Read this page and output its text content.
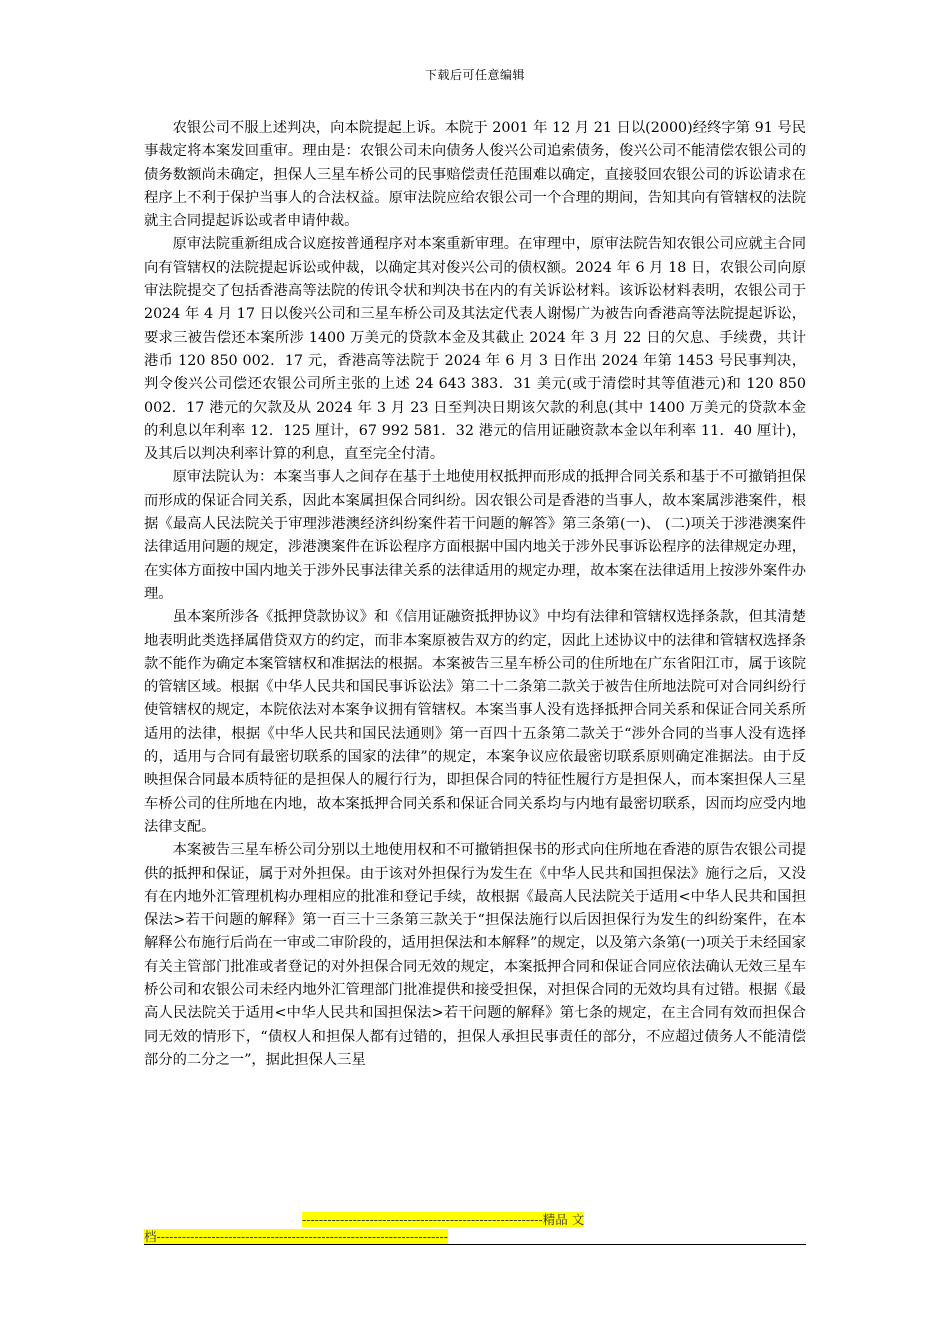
下载后可任意编辑

农银公司不服上述判决，向本院提起上诉。本院于 2001 年 12 月 21 日以(2000)经终字第 91 号民事裁定将本案发回重审。理由是：农银公司未向债务人俊兴公司追索债务，俊兴公司不能清偿农银公司的债务数额尚未确定，担保人三星车桥公司的民事赔偿责任范围难以确定，直接驳回农银公司的诉讼请求在程序上不利于保护当事人的合法权益。原审法院应给农银公司一个合理的期间，告知其向有管辖权的法院就主合同提起诉讼或者申请仲裁。

原审法院重新组成合议庭按普通程序对本案重新审理。在审理中，原审法院告知农银公司应就主合同向有管辖权的法院提起诉讼或仲裁，以确定其对俊兴公司的债权额。2024 年 6 月 18 日，农银公司向原审法院提交了包括香港高等法院的传讯令状和判决书在内的有关诉讼材料。该诉讼材料表明，农银公司于 2024 年 4 月 17 日以俊兴公司和三星车桥公司及其法定代表人谢惕广为被告向香港高等法院提起诉讼，要求三被告偿还本案所涉 1400 万美元的贷款本金及其截止 2024 年 3 月 22 日的欠息、手续费，共计港币 120 850 002．17 元，香港高等法院于 2024 年 6 月 3 日作出 2024 年第 1453 号民事判决，判令俊兴公司偿还农银公司所主张的上述 24 643 383．31 美元(或于清偿时其等值港元)和 120 850 002．17 港元的欠款及从 2024 年 3 月 23 日至判决日期该欠款的利息(其中 1400 万美元的贷款本金的利息以年利率 12．125 厘计，67 992 581．32 港元的信用证融资款本金以年利率 11．40 厘计)，及其后以判决利率计算的利息，直至完全付清。

原审法院认为：本案当事人之间存在基于土地使用权抵押而形成的抵押合同关系和基于不可撤销担保而形成的保证合同关系，因此本案属担保合同纠纷。因农银公司是香港的当事人，故本案属涉港案件，根据《最高人民法院关于审理涉港澳经济纠纷案件若干问题的解答》第三条第(一)、 (二)项关于涉港澳案件法律适用问题的规定，涉港澳案件在诉讼程序方面根据中国内地关于涉外民事诉讼程序的法律规定办理，在实体方面按中国内地关于涉外民事法律关系的法律适用的规定办理，故本案在法律适用上按涉外案件办理。

虽本案所涉各《抵押贷款协议》和《信用证融资抵押协议》中均有法律和管辖权选择条款，但其清楚地表明此类选择属借贷双方的约定，而非本案原被告双方的约定，因此上述协议中的法律和管辖权选择条款不能作为确定本案管辖权和准据法的根据。本案被告三星车桥公司的住所地在广东省阳江市，属于该院的管辖区域。根据《中华人民共和国民事诉讼法》第二十二条第二款关于被告住所地法院可对合同纠纷行使管辖权的规定，本院依法对本案争议拥有管辖权。本案当事人没有选择抵押合同关系和保证合同关系所适用的法律，根据《中华人民共和国民法通则》第一百四十五条第二款关于“涉外合同的当事人没有选择的，适用与合同有最密切联系的国家的法律”的规定，本案争议应依最密切联系原则确定准据法。由于反映担保合同最本质特征的是担保人的履行行为，即担保合同的特征性履行方是担保人，而本案担保人三星车桥公司的住所地在内地，故本案抵押合同关系和保证合同关系均与内地有最密切联系，因而均应受内地法律支配。

本案被告三星车桥公司分别以土地使用权和不可撤销担保书的形式向住所地在香港的原告农银公司提供的抵押和保证，属于对外担保。由于该对外担保行为发生在《中华人民共和国担保法》施行之后，又没有在内地外汇管理机构办理相应的批准和登记手续，故根据《最高人民法院关于适用<中华人民共和国担保法>若干问题的解释》第一百三十三条第三款关于“担保法施行以后因担保行为发生的纠纷案件，在本解释公布施行后尚在一审或二审阶段的，适用担保法和本解释”的规定，以及第六条第(一)项关于未经国家有关主管部门批准或者登记的对外担保合同无效的规定，本案抵押合同和保证合同应依法确认无效三星车桥公司和农银公司未经内地外汇管理部门批准提供和接受担保，对担保合同的无效均具有过错。根据《最高人民法院关于适用<中华人民共和国担保法>若干问题的解释》第七条的规定，在主合同有效而担保合同无效的情形下，“债权人和担保人都有过错的，担保人承担民事责任的部分，不应超过债务人不能清偿部分的二分之一”，据此担保人三星

---------------------------------------------------------精品 文
档---------------------------------------------------------------------
